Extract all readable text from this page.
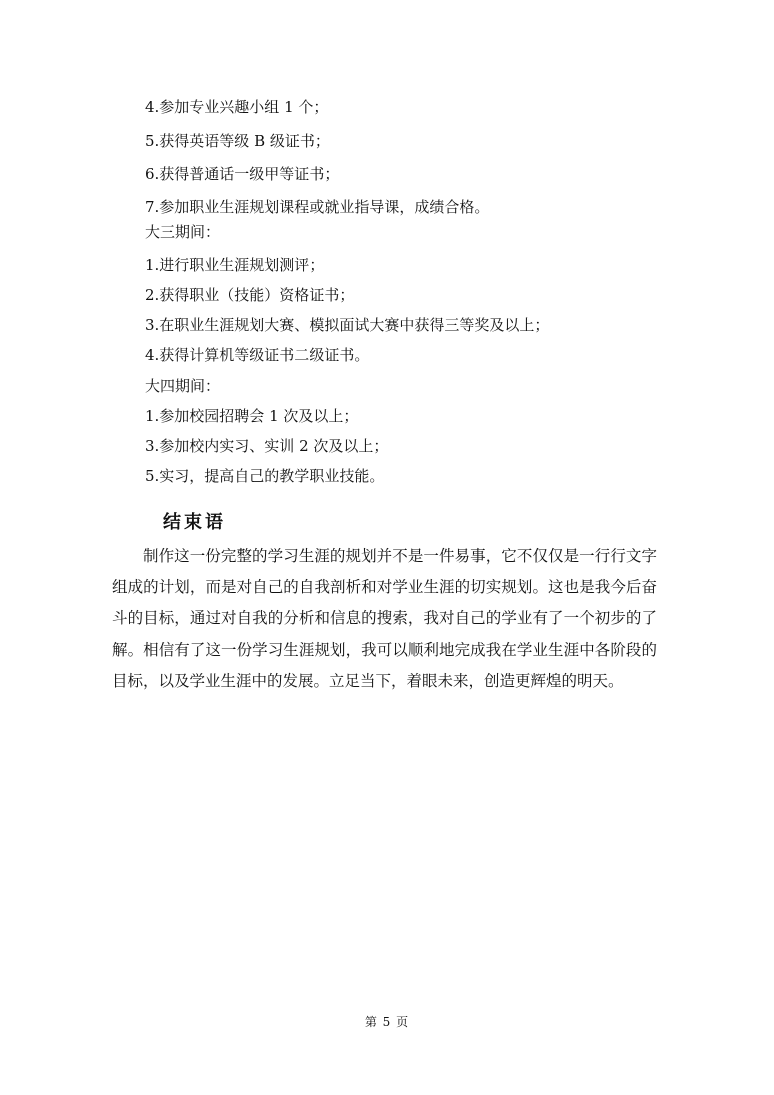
4.参加专业兴趣小组 1 个；
5.获得英语等级 B 级证书；
6.获得普通话一级甲等证书；
7.参加职业生涯规划课程或就业指导课，成绩合格。
大三期间：
1.进行职业生涯规划测评；
2.获得职业（技能）资格证书；
3.在职业生涯规划大赛、模拟面试大赛中获得三等奖及以上；
4.获得计算机等级证书二级证书。
大四期间：
1.参加校园招聘会 1 次及以上；
3.参加校内实习、实训 2 次及以上；
5.实习，提高自己的教学职业技能。
结束语

制作这一份完整的学习生涯的规划并不是一件易事，它不仅仅是一行行文字组成的计划，而是对自己的自我剖析和对学业生涯的切实规划。这也是我今后奋斗的目标，通过对自我的分析和信息的搜索，我对自己的学业有了一个初步的了解。相信有了这一份学习生涯规划，我可以顺利地完成我在学业生涯中各阶段的目标，以及学业生涯中的发展。立足当下，着眼未来，创造更辉煌的明天。

第 5 页
